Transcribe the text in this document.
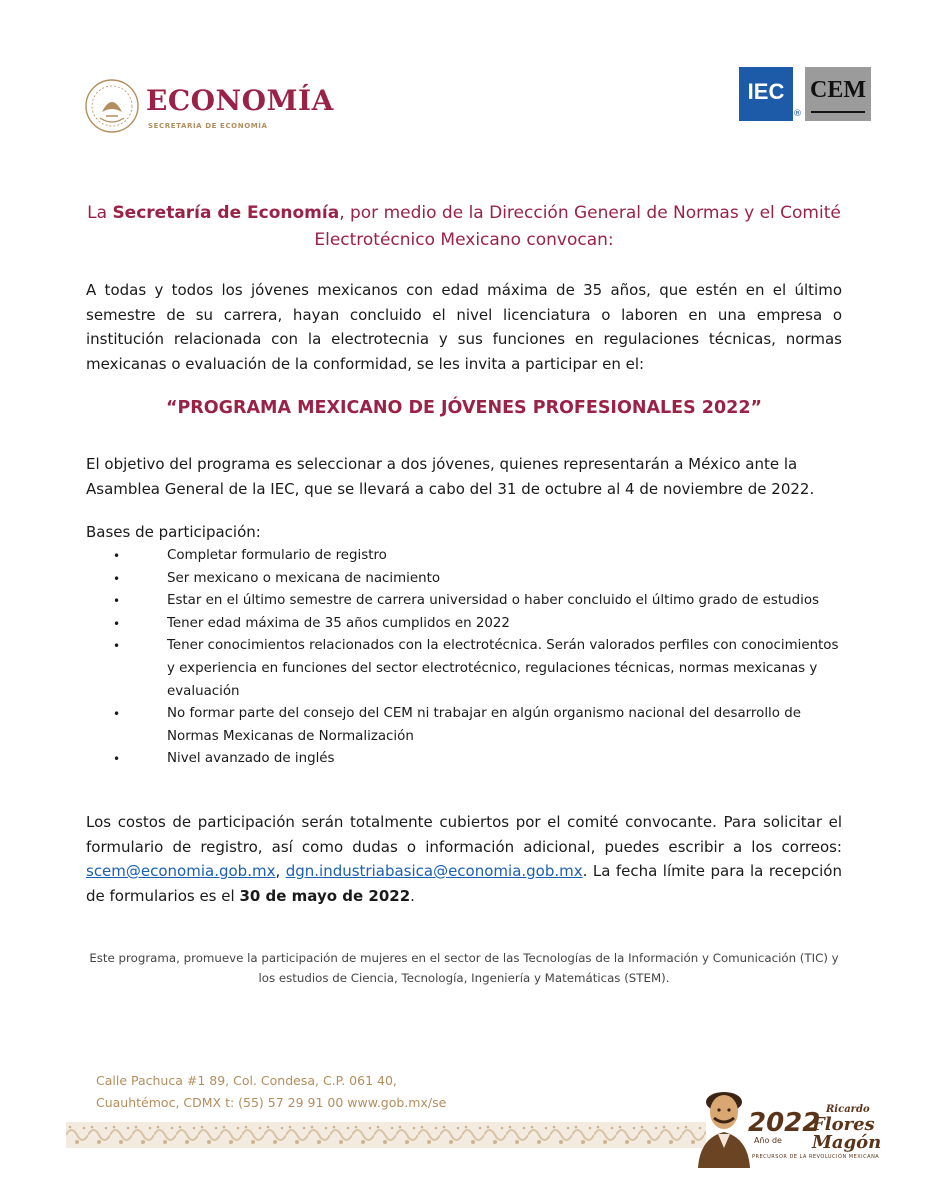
ECONOMÍA
SECRETARÍA DE ECONOMÍA
IEC
®
CEM
La Secretaría de Economía, por medio de la Dirección General de Normas y el Comité Electrotécnico Mexicano convocan:
A todas y todos los jóvenes mexicanos con edad máxima de 35 años, que estén en el último semestre de su carrera, hayan concluido el nivel licenciatura o laboren en una empresa o institución relacionada con la electrotecnia y sus funciones en regulaciones técnicas, normas mexicanas o evaluación de la conformidad, se les invita a participar en el:
“PROGRAMA MEXICANO DE JÓVENES PROFESIONALES 2022”
El objetivo del programa es seleccionar a dos jóvenes, quienes representarán a México ante la Asamblea General de la IEC, que se llevará a cabo del 31 de octubre al 4 de noviembre de 2022.
Bases de participación:
•	Completar formulario de registro
•	Ser mexicano o mexicana de nacimiento
•	Estar en el último semestre de carrera universidad o haber concluido el último grado de estudios
•	Tener edad máxima de 35 años cumplidos en 2022
•	Tener conocimientos relacionados con la electrotécnica. Serán valorados perfiles con conocimientos y experiencia en funciones del sector electrotécnico, regulaciones técnicas, normas mexicanas y evaluación
•	No formar parte del consejo del CEM ni trabajar en algún organismo nacional del desarrollo de Normas Mexicanas de Normalización
•	Nivel avanzado de inglés
Los costos de participación serán totalmente cubiertos por el comité convocante. Para solicitar el formulario de registro, así como dudas o información adicional, puedes escribir a los correos: scem@economia.gob.mx, dgn.industriabasica@economia.gob.mx. La fecha límite para la recepción de formularios es el 30 de mayo de 2022.
Este programa, promueve la participación de mujeres en el sector de las Tecnologías de la Información y Comunicación (TIC) y los estudios de Ciencia, Tecnología, Ingeniería y Matemáticas (STEM).
Calle Pachuca #1 89, Col. Condesa, C.P. 061 40,
Cuauhtémoc, CDMX t: (55) 57 29 91 00 www.gob.mx/se
2022
Año de
Ricardo
Flores
Magón
PRECURSOR DE LA REVOLUCIÓN MEXICANA
